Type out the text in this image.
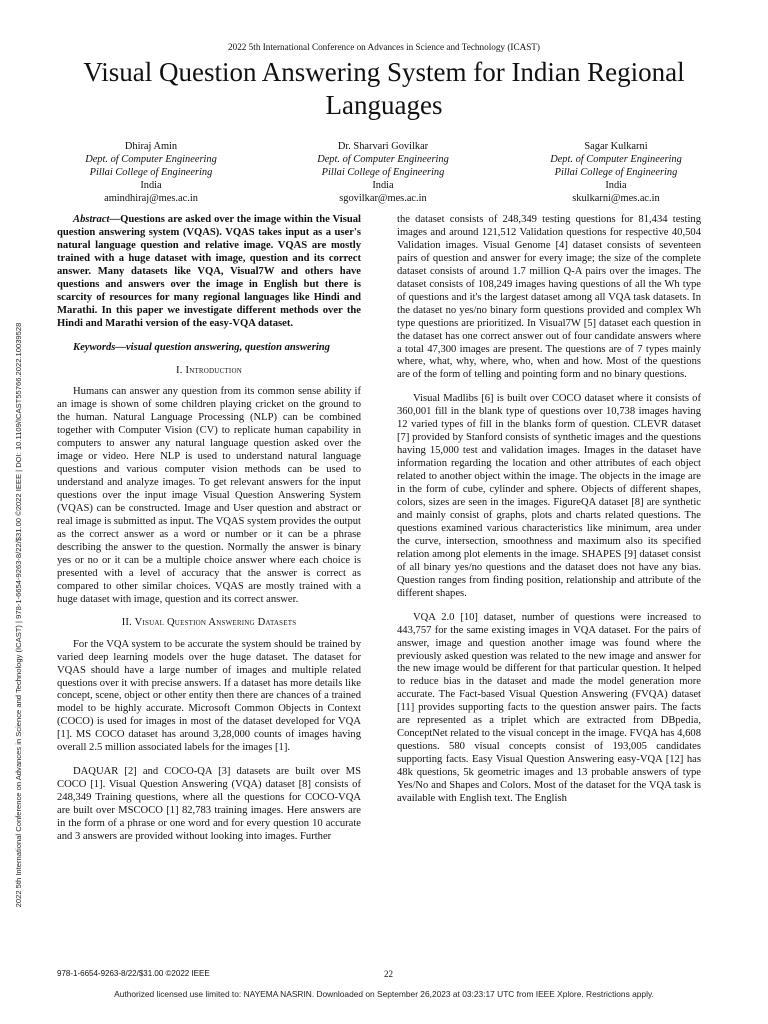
2022 5th International Conference on Advances in Science and Technology (ICAST)
Visual Question Answering System for Indian Regional Languages
Dhiraj Amin
Dept. of Computer Engineering
Pillai College of Engineering
India
amindhiraj@mes.ac.in
Dr. Sharvari Govilkar
Dept. of Computer Engineering
Pillai College of Engineering
India
sgovilkar@mes.ac.in
Sagar Kulkarni
Dept. of Computer Engineering
Pillai College of Engineering
India
skulkarni@mes.ac.in

Abstract—Questions are asked over the image within the Visual question answering system (VQAS). VQAS takes input as a user's natural language question and relative image. VQAS are mostly trained with a huge dataset with image, question and its correct answer. Many datasets like VQA, Visual7W and others have questions and answers over the image in English but there is scarcity of resources for many regional languages like Hindi and Marathi. In this paper we investigate different methods over the Hindi and Marathi version of the easy-VQA dataset.

Keywords—visual question answering, question answering

I. Introduction

Humans can answer any question from its common sense ability if an image is shown of some children playing cricket on the ground to the human. Natural Language Processing (NLP) can be combined together with Computer Vision (CV) to replicate human capability in computers to answer any natural language question asked over the image or video. Here NLP is used to understand natural language questions and various computer vision methods can be used to understand and analyze images. To get relevant answers for the input questions over the input image Visual Question Answering System (VQAS) can be constructed. Image and User question and abstract or real image is submitted as input. The VQAS system provides the output as the correct answer as a word or number or it can be a phrase describing the answer to the question. Normally the answer is binary yes or no or it can be a multiple choice answer where each choice is presented with a level of accuracy that the answer is correct as compared to other similar choices. VQAS are mostly trained with a huge dataset with image, question and its correct answer.

II. Visual Question Answering Datasets

For the VQA system to be accurate the system should be trained by varied deep learning models over the huge dataset. The dataset for VQAS should have a large number of images and multiple related questions over it with precise answers. If a dataset has more details like concept, scene, object or other entity then there are chances of a trained model to be highly accurate. Microsoft Common Objects in Context (COCO) is used for images in most of the dataset developed for VQA [1]. MS COCO dataset has around 3,28,000 counts of images having overall 2.5 million associated labels for the images [1].

DAQUAR [2] and COCO-QA [3] datasets are built over MS COCO [1]. Visual Question Answering (VQA) dataset [8] consists of 248,349 Training questions, where all the questions for COCO-VQA are built over MSCOCO [1] 82,783 training images. Here answers are in the form of a phrase or one word and for every question 10 accurate and 3 answers are provided without looking into images. Further

the dataset consists of 248,349 testing questions for 81,434 testing images and around 121,512 Validation questions for respective 40,504 Validation images. Visual Genome [4] dataset consists of seventeen pairs of question and answer for every image; the size of the complete dataset consists of around 1.7 million Q-A pairs over the images. The dataset consists of 108,249 images having questions of all the Wh type of questions and it's the largest dataset among all VQA task datasets. In the dataset no yes/no binary form questions provided and complex Wh type questions are prioritized. In Visual7W [5] dataset each question in the dataset has one correct answer out of four candidate answers where a total 47,300 images are present. The questions are of 7 types mainly where, what, why, where, who, when and how. Most of the questions are of the form of telling and pointing form and no binary questions.

Visual Madlibs [6] is built over COCO dataset where it consists of 360,001 fill in the blank type of questions over 10,738 images having 12 varied types of fill in the blanks form of question. CLEVR dataset [7] provided by Stanford consists of synthetic images and the questions having 15,000 test and validation images. Images in the dataset have information regarding the location and other attributes of each object related to another object within the image. The objects in the image are in the form of cube, cylinder and sphere. Objects of different shapes, colors, sizes are seen in the images. FigureQA dataset [8] are synthetic and mainly consist of graphs, plots and charts related questions. The questions examined various characteristics like minimum, area under the curve, intersection, smoothness and maximum also its specified relation among plot elements in the image. SHAPES [9] dataset consist of all binary yes/no questions and the dataset does not have any bias. Question ranges from finding position, relationship and attribute of the different shapes.

VQA 2.0 [10] dataset, number of questions were increased to 443,757 for the same existing images in VQA dataset. For the pairs of answer, image and question another image was found where the previously asked question was related to the new image and answer for the new image would be different for that particular question. It helped to reduce bias in the dataset and made the model generation more accurate. The Fact-based Visual Question Answering (FVQA) dataset [11] provides supporting facts to the question answer pairs. The facts are represented as a triplet which are extracted from DBpedia, ConceptNet related to the visual concept in the image. FVQA has 4,608 questions. 580 visual concepts consist of 193,005 candidates supporting facts. Easy Visual Question Answering easy-VQA [12] has 48k questions, 5k geometric images and 13 probable answers of type Yes/No and Shapes and Colors. Most of the dataset for the VQA task is available with English text. The English

2022 5th International Conference on Advances in Science and Technology (ICAST) | 978-1-6654-9263-8/22/$31.00 ©2022 IEEE | DOI: 10.1109/ICAST55766.2022.10039528
978-1-6654-9263-8/22/$31.00 ©2022 IEEE	22
Authorized licensed use limited to: NAYEMA NASRIN. Downloaded on September 26,2023 at 03:23:17 UTC from IEEE Xplore. Restrictions apply.
